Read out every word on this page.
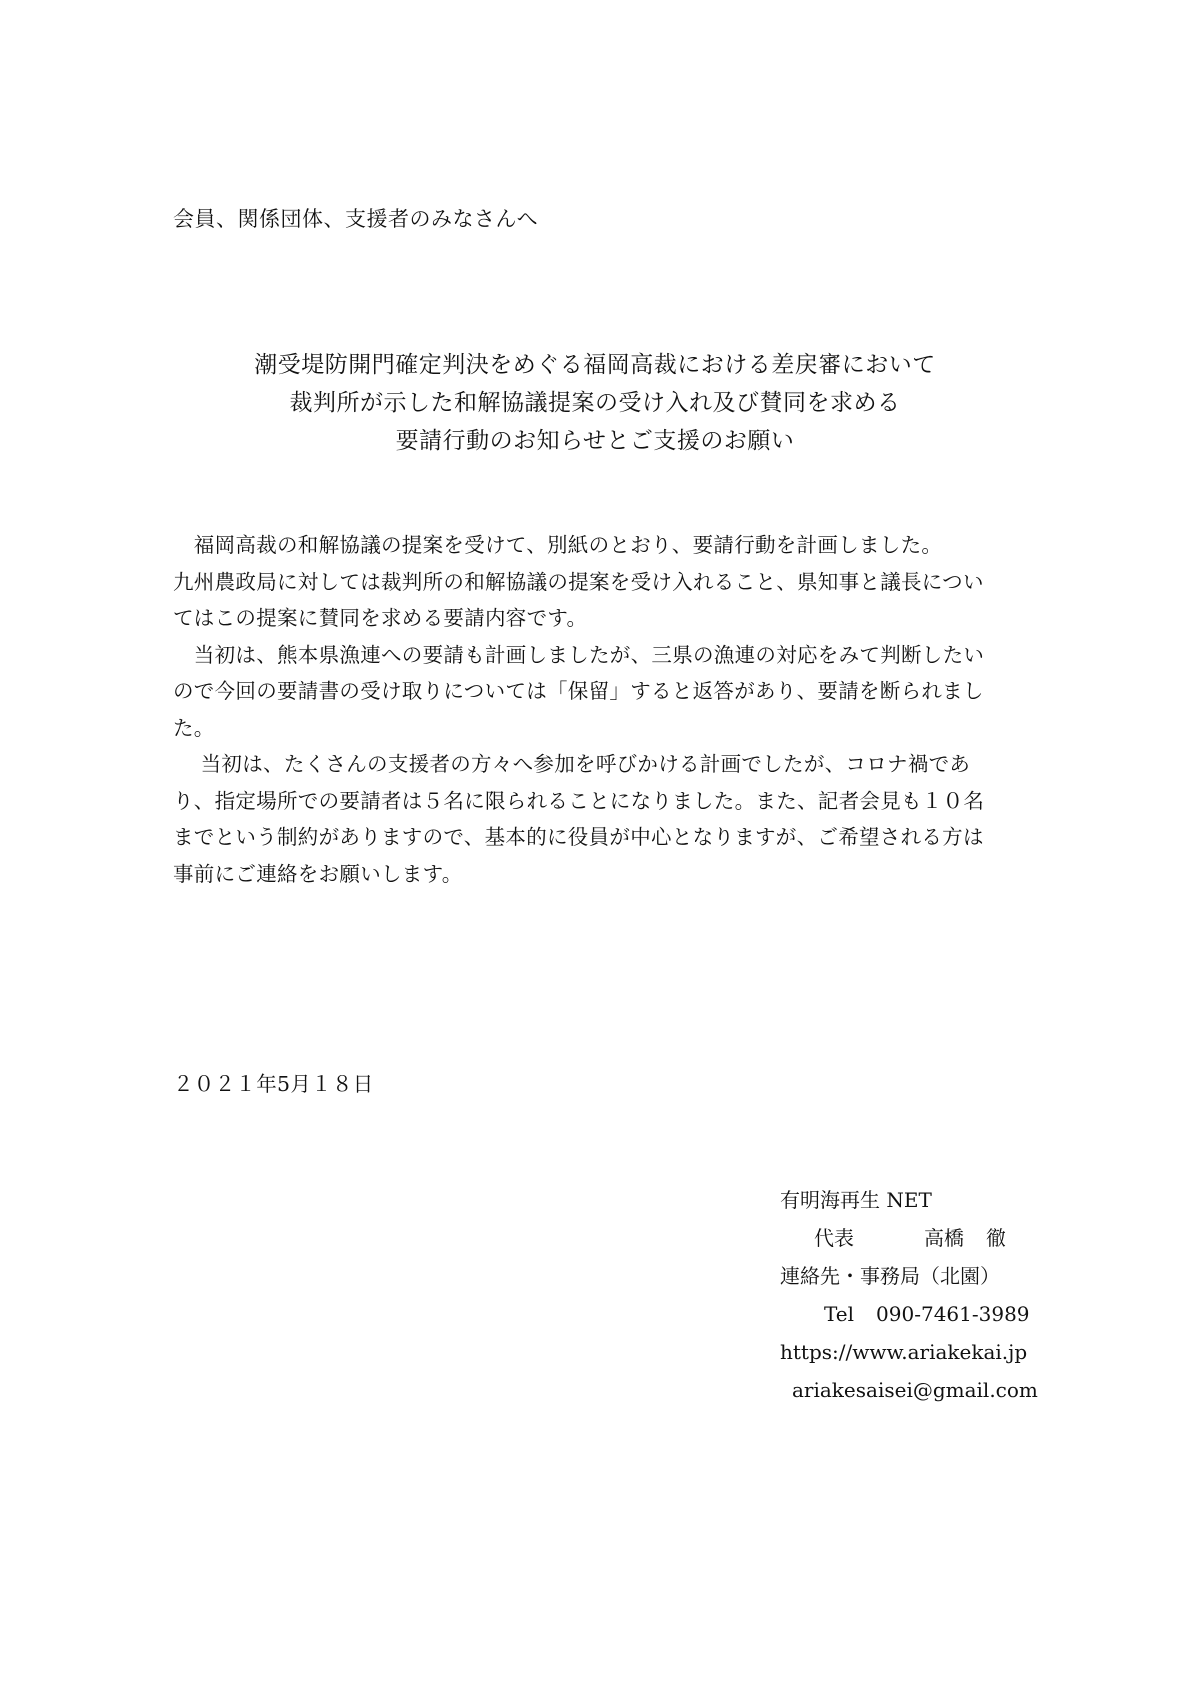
会員、関係団体、支援者のみなさんへ
潮受堤防開門確定判決をめぐる福岡高裁における差戻審において
裁判所が示した和解協議提案の受け入れ及び賛同を求める
要請行動のお知らせとご支援のお願い
　福岡高裁の和解協議の提案を受けて、別紙のとおり、要請行動を計画しました。
九州農政局に対しては裁判所の和解協議の提案を受け入れること、県知事と議長につい
てはこの提案に賛同を求める要請内容です。
　当初は、熊本県漁連への要請も計画しましたが、三県の漁連の対応をみて判断したい
ので今回の要請書の受け取りについては「保留」すると返答があり、要請を断られまし
た。
　 当初は、たくさんの支援者の方々へ参加を呼びかける計画でしたが、コロナ禍であ
り、指定場所での要請者は５名に限られることになりました。また、記者会見も１０名
までという制約がありますので、基本的に役員が中心となりますが、ご希望される方は
事前にご連絡をお願いします。
２０２１年5月１８日
有明海再生 NET
代表	高橋 徹
連絡先・事務局（北園）
Tel 090-7461-3989
https://www.ariakekai.jp
ariakesaisei@gmail.com
